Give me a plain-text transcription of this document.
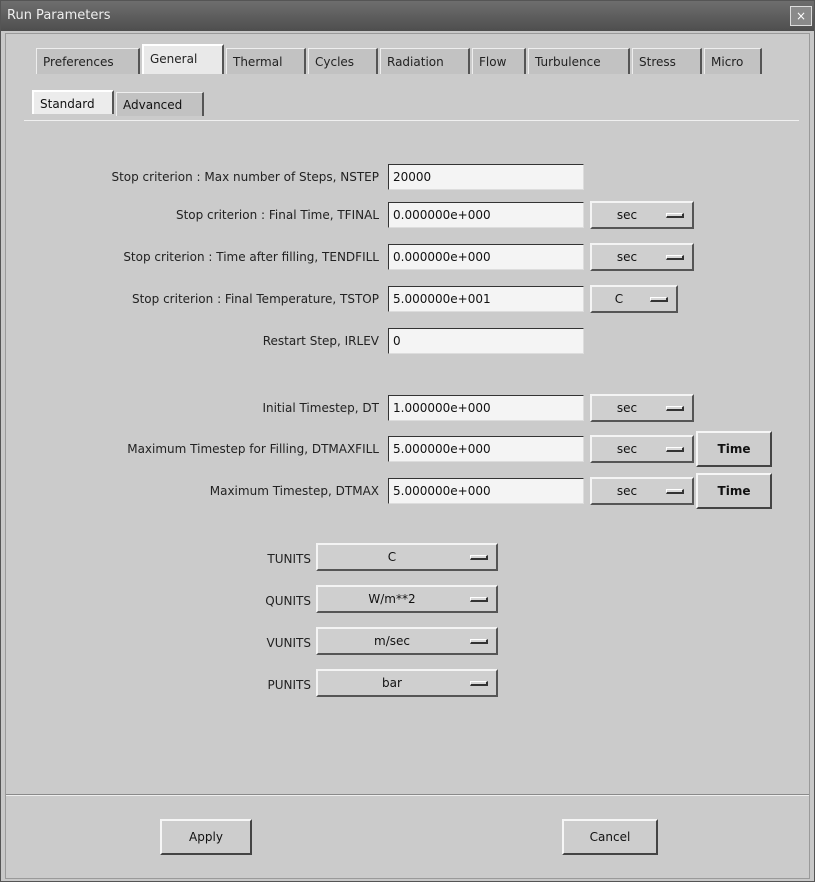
Run Parameters	×
Preferences	General	Thermal	Cycles	Radiation	Flow	Turbulence	Stress	Micro
Standard	Advanced
Stop criterion : Max number of Steps, NSTEP	20000
Stop criterion : Final Time, TFINAL	0.000000e+000	sec
Stop criterion : Time after filling, TENDFILL	0.000000e+000	sec
Stop criterion : Final Temperature, TSTOP	5.000000e+001	C
Restart Step, IRLEV	0
Initial Timestep, DT	1.000000e+000	sec
Maximum Timestep for Filling, DTMAXFILL	5.000000e+000	sec	Time
Maximum Timestep, DTMAX	5.000000e+000	sec	Time
TUNITS	C
QUNITS	W/m**2
VUNITS	m/sec
PUNITS	bar
Apply	Cancel
